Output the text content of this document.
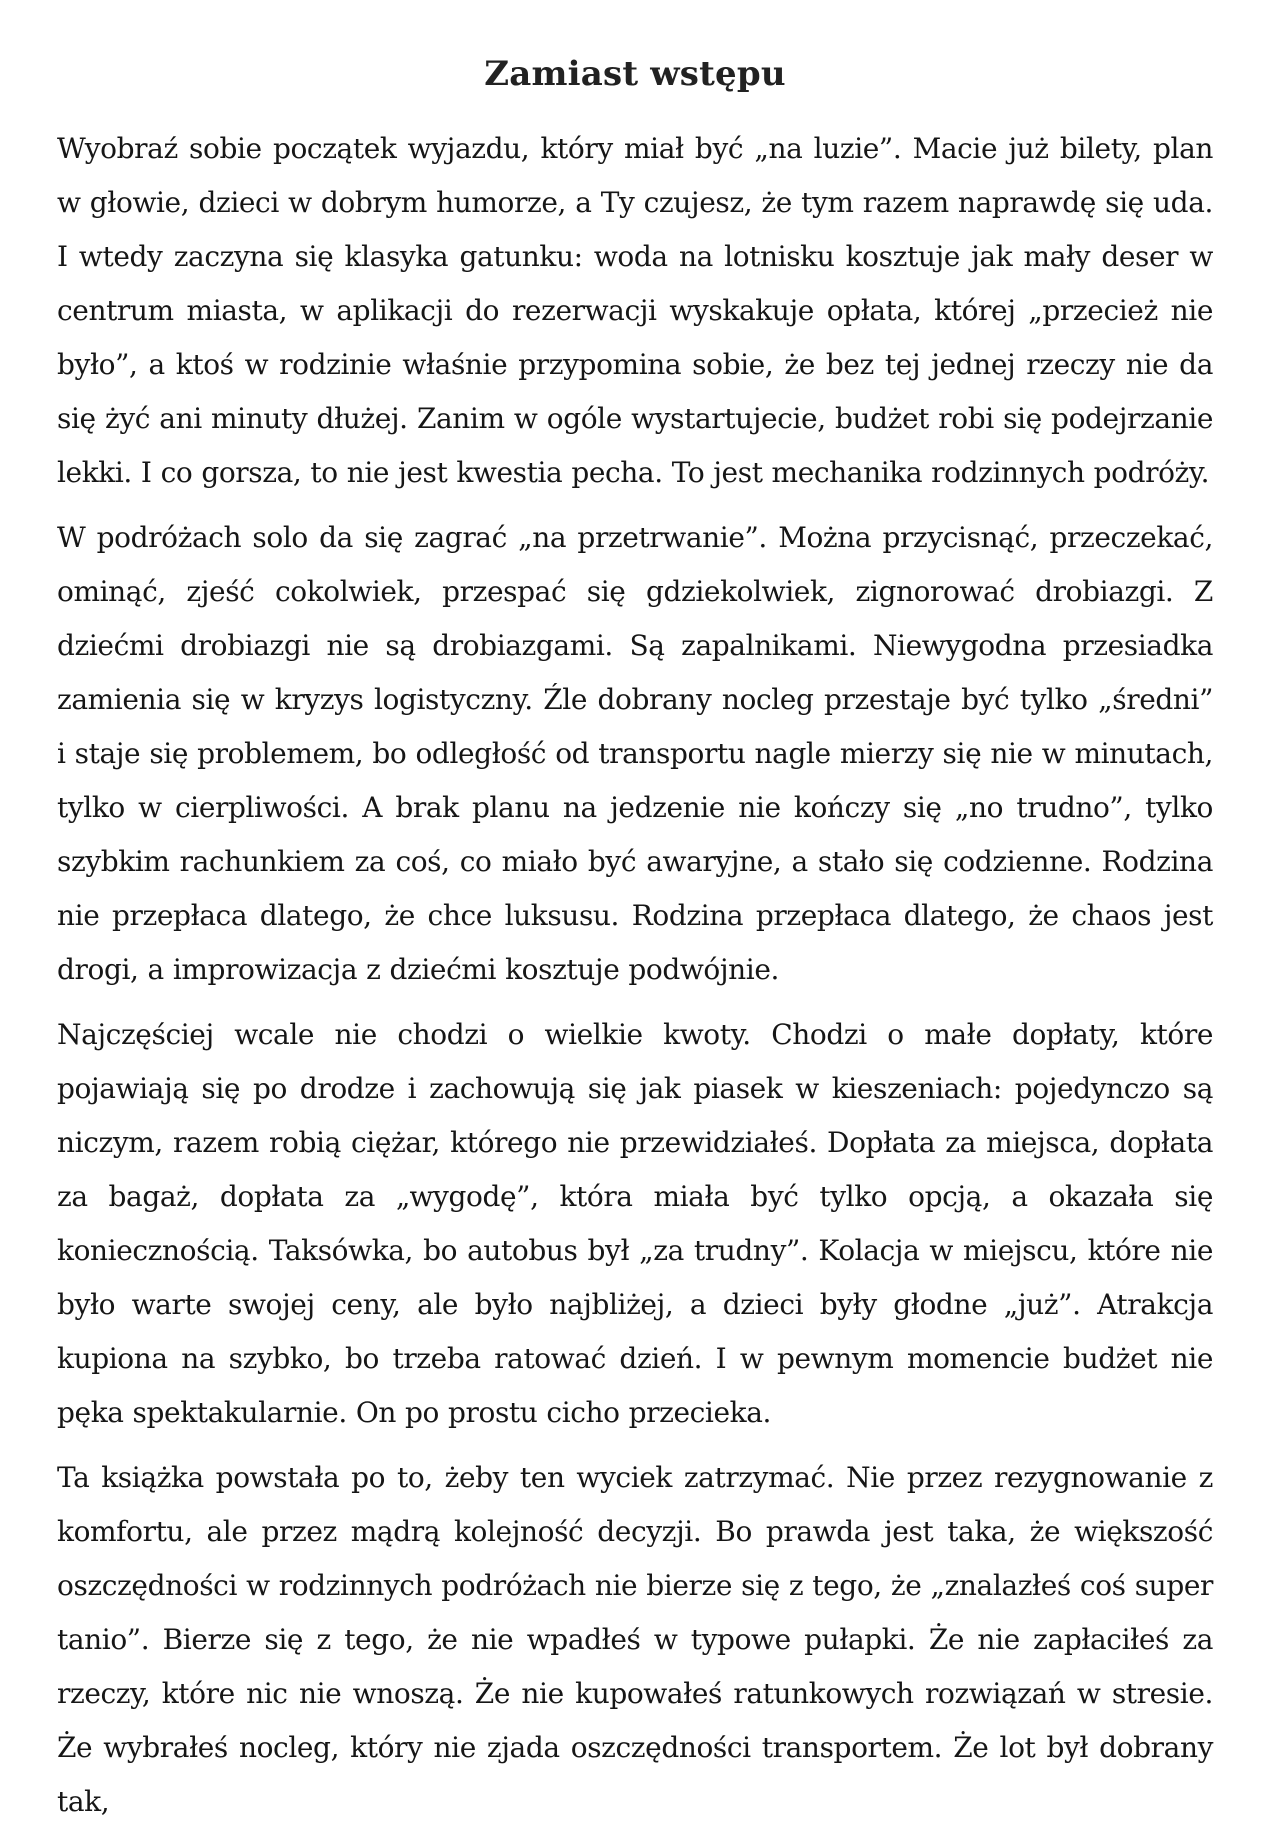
Zamiast wstępu

Wyobraź sobie początek wyjazdu, który miał być „na luzie”. Macie już bilety, plan w głowie, dzieci w dobrym humorze, a Ty czujesz, że tym razem naprawdę się uda. I wtedy zaczyna się klasyka gatunku: woda na lotnisku kosztuje jak mały deser w centrum miasta, w aplikacji do rezerwacji wyskakuje opłata, której „przecież nie było”, a ktoś w rodzinie właśnie przypomina sobie, że bez tej jednej rzeczy nie da się żyć ani minuty dłużej. Zanim w ogóle wystartujecie, budżet robi się podejrzanie lekki. I co gorsza, to nie jest kwestia pecha. To jest mechanika rodzinnych podróży.

W podróżach solo da się zagrać „na przetrwanie”. Można przycisnąć, przeczekać, ominąć, zjeść cokolwiek, przespać się gdziekolwiek, zignorować drobiazgi. Z dziećmi drobiazgi nie są drobiazgami. Są zapalnikami. Niewygodna przesiadka zamienia się w kryzys logistyczny. Źle dobrany nocleg przestaje być tylko „średni” i staje się problemem, bo odległość od transportu nagle mierzy się nie w minutach, tylko w cierpliwości. A brak planu na jedzenie nie kończy się „no trudno”, tylko szybkim rachunkiem za coś, co miało być awaryjne, a stało się codzienne. Rodzina nie przepłaca dlatego, że chce luksusu. Rodzina przepłaca dlatego, że chaos jest drogi, a improwizacja z dziećmi kosztuje podwójnie.

Najczęściej wcale nie chodzi o wielkie kwoty. Chodzi o małe dopłaty, które pojawiają się po drodze i zachowują się jak piasek w kieszeniach: pojedynczo są niczym, razem robią ciężar, którego nie przewidziałeś. Dopłata za miejsca, dopłata za bagaż, dopłata za „wygodę”, która miała być tylko opcją, a okazała się koniecznością. Taksówka, bo autobus był „za trudny”. Kolacja w miejscu, które nie było warte swojej ceny, ale było najbliżej, a dzieci były głodne „już”. Atrakcja kupiona na szybko, bo trzeba ratować dzień. I w pewnym momencie budżet nie pęka spektakularnie. On po prostu cicho przecieka.

Ta książka powstała po to, żeby ten wyciek zatrzymać. Nie przez rezygnowanie z komfortu, ale przez mądrą kolejność decyzji. Bo prawda jest taka, że większość oszczędności w rodzinnych podróżach nie bierze się z tego, że „znalazłeś coś super tanio”. Bierze się z tego, że nie wpadłeś w typowe pułapki. Że nie zapłaciłeś za rzeczy, które nic nie wnoszą. Że nie kupowałeś ratunkowych rozwiązań w stresie. Że wybrałeś nocleg, który nie zjada oszczędności transportem. Że lot był dobrany tak,
